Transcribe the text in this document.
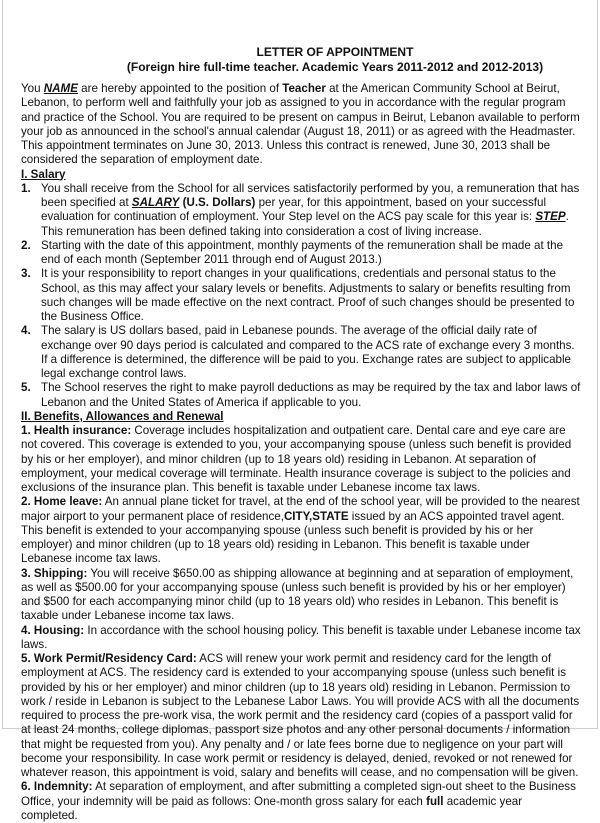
LETTER OF APPOINTMENT
(Foreign hire full-time teacher. Academic Years 2011-2012 and 2012-2013)
You NAME are hereby appointed to the position of Teacher at the American Community School at Beirut, Lebanon, to perform well and faithfully your job as assigned to you in accordance with the regular program and practice of the School. You are required to be present on campus in Beirut, Lebanon available to perform your job as announced in the school's annual calendar (August 18, 2011) or as agreed with the Headmaster. This appointment terminates on June 30, 2013. Unless this contract is renewed, June 30, 2013 shall be considered the separation of employment date.
I. Salary
1. You shall receive from the School for all services satisfactorily performed by you, a remuneration that has been specified at SALARY (U.S. Dollars) per year, for this appointment, based on your successful evaluation for continuation of employment. Your Step level on the ACS pay scale for this year is: STEP. This remuneration has been defined taking into consideration a cost of living increase.
2. Starting with the date of this appointment, monthly payments of the remuneration shall be made at the end of each month (September 2011 through end of August 2013.)
3. It is your responsibility to report changes in your qualifications, credentials and personal status to the School, as this may affect your salary levels or benefits. Adjustments to salary or benefits resulting from such changes will be made effective on the next contract. Proof of such changes should be presented to the Business Office.
4. The salary is US dollars based, paid in Lebanese pounds. The average of the official daily rate of exchange over 90 days period is calculated and compared to the ACS rate of exchange every 3 months. If a difference is determined, the difference will be paid to you. Exchange rates are subject to applicable legal exchange control laws.
5. The School reserves the right to make payroll deductions as may be required by the tax and labor laws of Lebanon and the United States of America if applicable to you.
II. Benefits, Allowances and Renewal
1. Health insurance: Coverage includes hospitalization and outpatient care. Dental care and eye care are not covered. This coverage is extended to you, your accompanying spouse (unless such benefit is provided by his or her employer), and minor children (up to 18 years old) residing in Lebanon. At separation of employment, your medical coverage will terminate. Health insurance coverage is subject to the policies and exclusions of the insurance plan. This benefit is taxable under Lebanese income tax laws.
2. Home leave: An annual plane ticket for travel, at the end of the school year, will be provided to the nearest major airport to your permanent place of residence,CITY,STATE issued by an ACS appointed travel agent. This benefit is extended to your accompanying spouse (unless such benefit is provided by his or her employer) and minor children (up to 18 years old) residing in Lebanon. This benefit is taxable under Lebanese income tax laws.
3. Shipping: You will receive $650.00 as shipping allowance at beginning and at separation of employment, as well as $500.00 for your accompanying spouse (unless such benefit is provided by his or her employer) and $500 for each accompanying minor child (up to 18 years old) who resides in Lebanon. This benefit is taxable under Lebanese income tax laws.
4. Housing: In accordance with the school housing policy. This benefit is taxable under Lebanese income tax laws.
5. Work Permit/Residency Card: ACS will renew your work permit and residency card for the length of employment at ACS. The residency card is extended to your accompanying spouse (unless such benefit is provided by his or her employer) and minor children (up to 18 years old) residing in Lebanon. Permission to work / reside in Lebanon is subject to the Lebanese Labor Laws. You will provide ACS with all the documents required to process the pre-work visa, the work permit and the residency card (copies of a passport valid for at least 24 months, college diplomas, passport size photos and any other personal documents / information that might be requested from you). Any penalty and / or late fees borne due to negligence on your part will become your responsibility. In case work permit or residency is delayed, denied, revoked or not renewed for whatever reason, this appointment is void, salary and benefits will cease, and no compensation will be given.
6. Indemnity: At separation of employment, and after submitting a completed sign-out sheet to the Business Office, your indemnity will be paid as follows: One-month gross salary for each full academic year completed.
